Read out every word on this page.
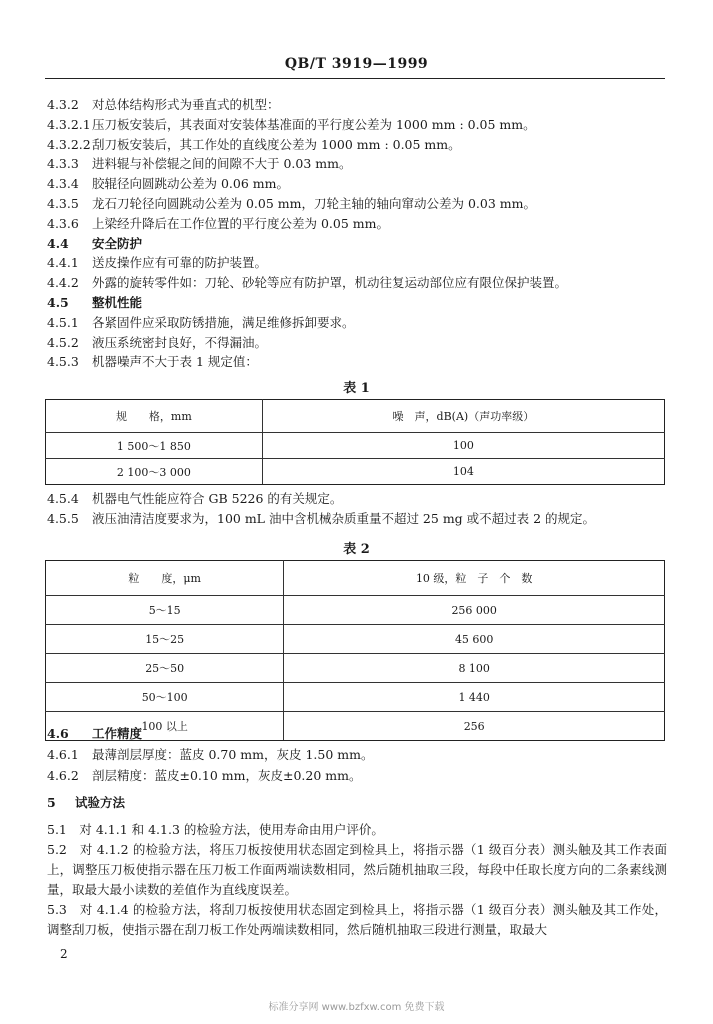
QB/T 3919—1999
4.3.2 对总体结构形式为垂直式的机型：
4.3.2.1压刀板安装后，其表面对安装体基准面的平行度公差为 1000 mm : 0.05 mm。
4.3.2.2刮刀板安装后，其工作处的直线度公差为 1000 mm : 0.05 mm。
4.3.3 进料辊与补偿辊之间的间隙不大于 0.03 mm。
4.3.4 胶辊径向圆跳动公差为 0.06 mm。
4.3.5 龙石刀轮径向圆跳动公差为 0.05 mm，刀轮主轴的轴向窜动公差为 0.03 mm。
4.3.6 上梁经升降后在工作位置的平行度公差为 0.05 mm。
4.4 安全防护
4.4.1 送皮操作应有可靠的防护装置。
4.4.2 外露的旋转零件如：刀轮、砂轮等应有防护罩，机动往复运动部位应有限位保护装置。
4.5 整机性能
4.5.1 各紧固件应采取防锈措施，满足维修拆卸要求。
4.5.2 液压系统密封良好，不得漏油。
4.5.3 机器噪声不大于表 1 规定值：
表 1
规　　格，mm	噪　声，dB(A)（声功率级）
1 500～1 850	100
2 100～3 000	104
4.5.4 机器电气性能应符合 GB 5226 的有关规定。
4.5.5 液压油清洁度要求为，100 mL 油中含机械杂质重量不超过 25 mg 或不超过表 2 的规定。
表 2
粒　　度，μm	10 级，粒　子　个　数
5～15	256 000
15～25	45 600
25～50	8 100
50～100	1 440
100 以上	256
4.6 工作精度
4.6.1 最薄剖层厚度：蓝皮 0.70 mm，灰皮 1.50 mm。
4.6.2 剖层精度：蓝皮±0.10 mm，灰皮±0.20 mm。
5 试验方法
5.1　对 4.1.1 和 4.1.3 的检验方法，使用寿命由用户评价。
5.2　对 4.1.2 的检验方法，将压刀板按使用状态固定到检具上，将指示器（1 级百分表）测头触及其工作表面上，调整压刀板使指示器在压刀板工作面两端读数相同，然后随机抽取三段，每段中任取长度方向的二条素线测量，取最大最小读数的差值作为直线度误差。
5.3　对 4.1.4 的检验方法，将刮刀板按使用状态固定到检具上，将指示器（1 级百分表）测头触及其工作处，调整刮刀板，使指示器在刮刀板工作处两端读数相同，然后随机抽取三段进行测量，取最大
2
标准分享网 www.bzfxw.com 免费下载
